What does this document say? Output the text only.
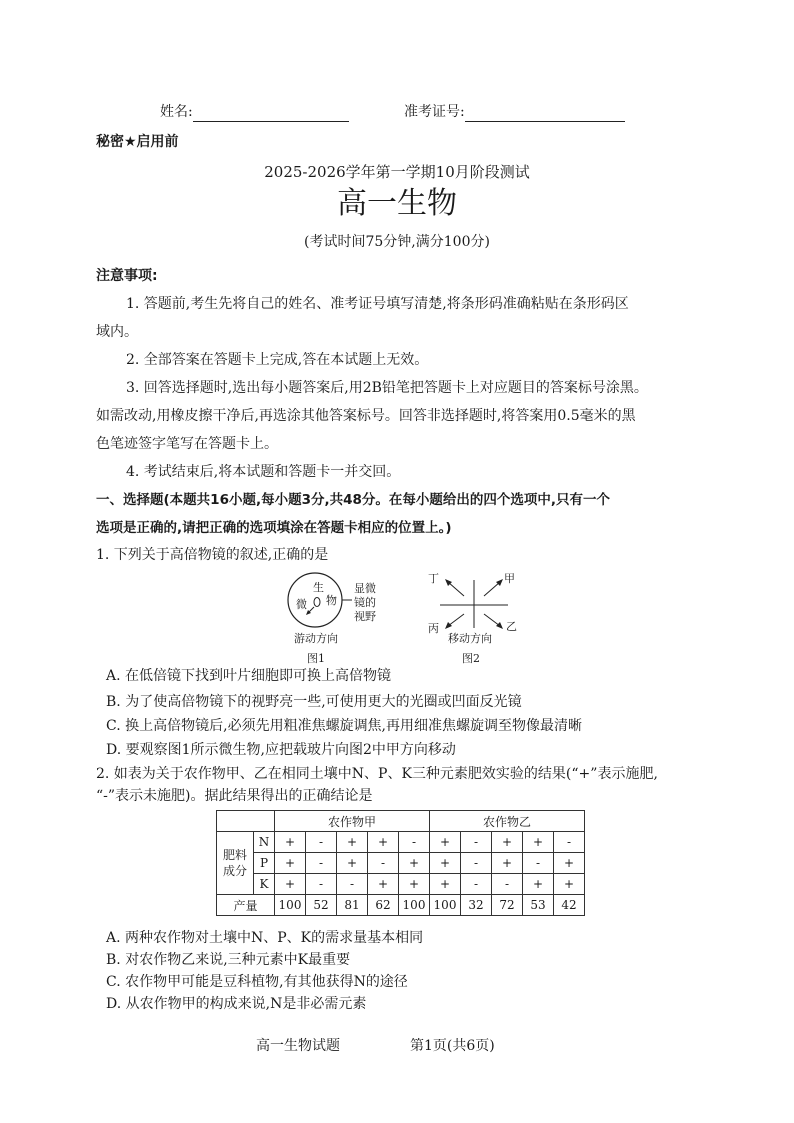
姓名:	准考证号:
秘密★启用前
2025-2026学年第一学期10月阶段测试
高一生物
(考试时间75分钟,满分100分)
注意事项:
1. 答题前,考生先将自己的姓名、准考证号填写清楚,将条形码准确粘贴在条形码区
域内。
2. 全部答案在答题卡上完成,答在本试题上无效。
3. 回答选择题时,选出每小题答案后,用2B铅笔把答题卡上对应题目的答案标号涂黑。
如需改动,用橡皮擦干净后,再选涂其他答案标号。回答非选择题时,将答案用0.5毫米的黑
色笔迹签字笔写在答题卡上。
4. 考试结束后,将本试题和答题卡一并交回。
一、选择题(本题共16小题,每小题3分,共48分。在每小题给出的四个选项中,只有一个
选项是正确的,请把正确的选项填涂在答题卡相应的位置上。)
1. 下列关于高倍物镜的叙述,正确的是
生
微 物
显微
镜的
视野
游动方向
图1
丁	甲
丙	乙
移动方向
图2
A. 在低倍镜下找到叶片细胞即可换上高倍物镜
B. 为了使高倍物镜下的视野亮一些,可使用更大的光圈或凹面反光镜
C. 换上高倍物镜后,必须先用粗准焦螺旋调焦,再用细准焦螺旋调至物像最清晰
D. 要观察图1所示微生物,应把载玻片向图2中甲方向移动
2. 如表为关于农作物甲、乙在相同土壤中N、P、K三种元素肥效实验的结果(“+”表示施肥,
“-”表示未施肥)。据此结果得出的正确结论是
		农作物甲					农作物乙				

肥料
成分	N	+	-	+	+	-	+	-	+	+	-
	P	+	-	+	-	+	+	-	+	-	+
	K	+	-	-	+	+	+	-	-	+	+
产量		100	52	81	62	100	100	32	72	53	42
A. 两种农作物对土壤中N、P、K的需求量基本相同
B. 对农作物乙来说,三种元素中K最重要
C. 农作物甲可能是豆科植物,有其他获得N的途径
D. 从农作物甲的构成来说,N是非必需元素
高一生物试题	第1页(共6页)
